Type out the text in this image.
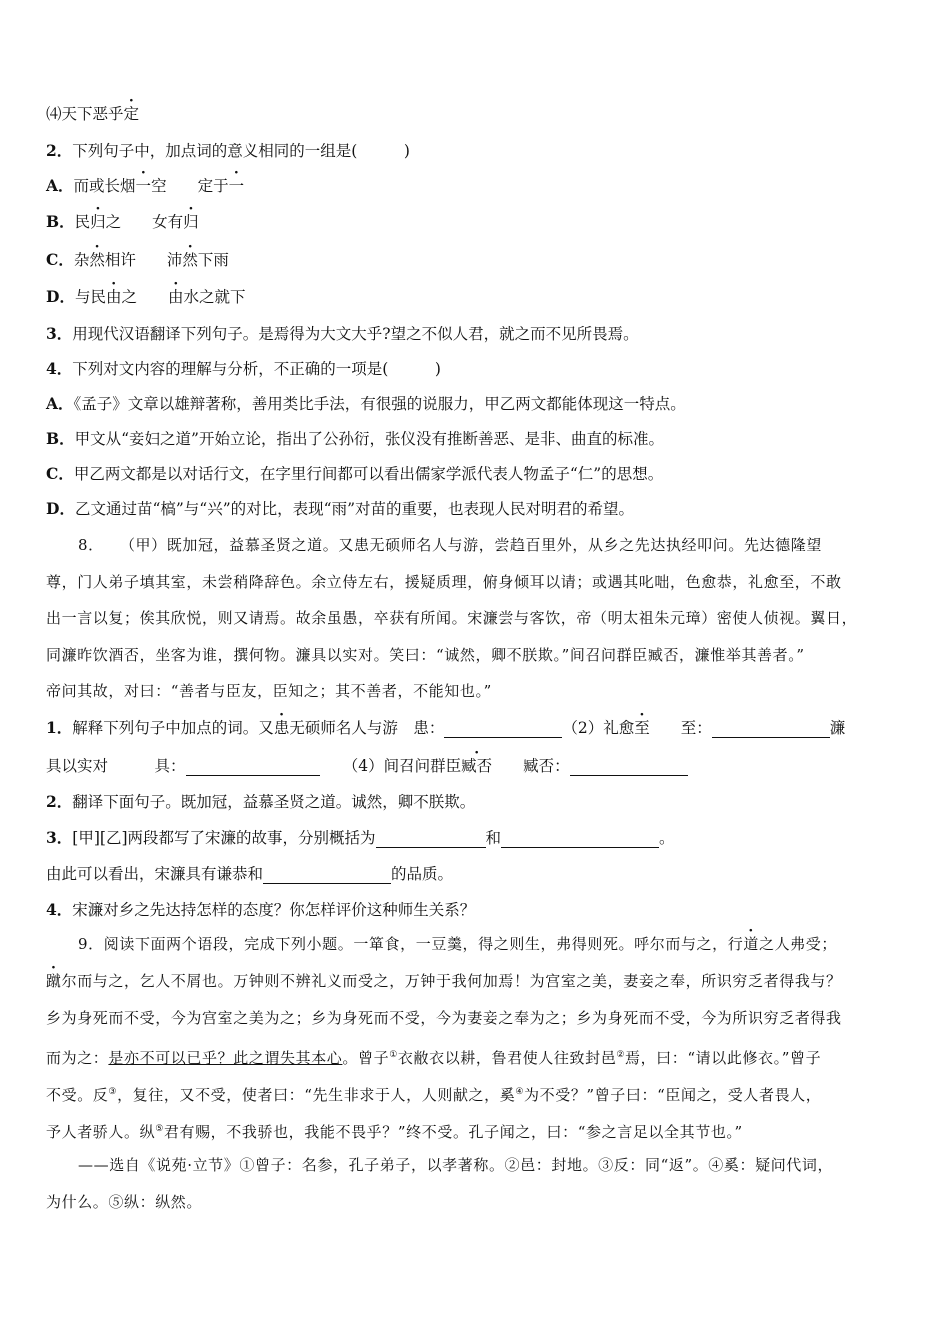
⑷天下恶乎定
2．下列句子中，加点词的意义相同的一组是(　　　)
A．而或长烟一空　　定于一
B．民归之　　女有归
C．杂然相许　　沛然下雨
D．与民由之　　由水之就下
3．用现代汉语翻译下列句子。是焉得为大文大乎?望之不似人君，就之而不见所畏焉。
4．下列对文内容的理解与分析，不正确的一项是(　　　)
A．《孟子》文章以雄辩著称，善用类比手法，有很强的说服力，甲乙两文都能体现这一特点。
B．甲文从“妾妇之道”开始立论，指出了公孙衍，张仪没有推断善恶、是非、曲直的标准。
C．甲乙两文都是以对话行文，在字里行间都可以看出儒家学派代表人物孟子“仁”的思想。
D．乙文通过苗“槁”与“兴”的对比，表现“雨”对苗的重要，也表现人民对明君的希望。
8．　　（甲）既加冠，益慕圣贤之道。又患无硕师名人与游，尝趋百里外，从乡之先达执经叩问。先达德隆望
尊，门人弟子填其室，未尝稍降辞色。余立侍左右，援疑质理，俯身倾耳以请；或遇其叱咄，色愈恭，礼愈至，不敢
出一言以复；俟其欣悦，则又请焉。故余虽愚，卒获有所闻。宋濂尝与客饮，帝（明太祖朱元璋）密使人侦视。翼日，
同濂昨饮酒否，坐客为谁，撰何物。濂具以实对。笑曰：“诚然，卿不朕欺。”间召问群臣臧否，濂惟举其善者。”
帝问其故，对曰：“善者与臣友，臣知之；其不善者，不能知也。”
1．解释下列句子中加点的词。又患无硕师名人与游　患：	（2）礼愈至　　至：	濂
具以实对　　　具：	　　（4）间召问群臣臧否　　臧否：
2．翻译下面句子。既加冠，益慕圣贤之道。诚然，卿不朕欺。
3．[甲][乙]两段都写了宋濂的故事，分别概括为	和	。
由此可以看出，宋濂具有谦恭和	的品质。
4．宋濂对乡之先达持怎样的态度？你怎样评价这种师生关系？
9．阅读下面两个语段，完成下列小题。一箪食，一豆羹，得之则生，弗得则死。呼尔而与之，行道之人弗受；
蹴尔而与之，乞人不屑也。万钟则不辨礼义而受之，万钟于我何加焉！为宫室之美，妻妾之奉，所识穷乏者得我与？
乡为身死而不受，今为宫室之美为之；乡为身死而不受，今为妻妾之奉为之；乡为身死而不受，今为所识穷乏者得我
而为之：是亦不可以已乎？此之谓失其本心。曾子①衣敝衣以耕，鲁君使人往致封邑②焉，曰：“请以此修衣。”曾子
不受。反③，复往，又不受，使者曰：“先生非求于人，人则献之，奚④为不受？”曾子曰：“臣闻之，受人者畏人，
予人者骄人。纵⑤君有赐，不我骄也，我能不畏乎？”终不受。孔子闻之，曰：“参之言足以全其节也。”
——选自《说苑·立节》①曾子：名参，孔子弟子，以孝著称。②邑：封地。③反：同“返”。④奚：疑问代词，
为什么。⑤纵：纵然。
